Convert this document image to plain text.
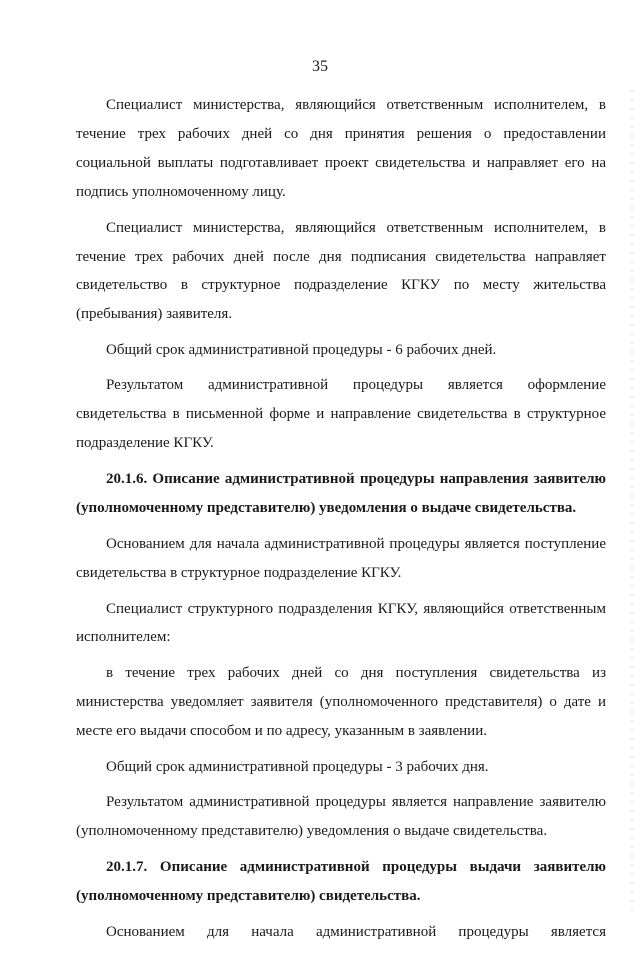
35

Специалист министерства, являющийся ответственным исполнителем, в течение трех рабочих дней со дня принятия решения о предоставлении социальной выплаты подготавливает проект свидетельства и направляет его на подпись уполномоченному лицу.

Специалист министерства, являющийся ответственным исполнителем, в течение трех рабочих дней после дня подписания свидетельства направляет свидетельство в структурное подразделение КГКУ по месту жительства (пребывания) заявителя.

Общий срок административной процедуры - 6 рабочих дней.

Результатом административной процедуры является оформление свидетельства в письменной форме и направление свидетельства в структурное подразделение КГКУ.

20.1.6. Описание административной процедуры направления заявителю (уполномоченному представителю) уведомления о выдаче свидетельства.

Основанием для начала административной процедуры является поступление свидетельства в структурное подразделение КГКУ.

Специалист структурного подразделения КГКУ, являющийся ответственным исполнителем:

в течение трех рабочих дней со дня поступления свидетельства из министерства уведомляет заявителя (уполномоченного представителя) о дате и месте его выдачи способом и по адресу, указанным в заявлении.

Общий срок административной процедуры - 3 рабочих дня.

Результатом административной процедуры является направление заявителю (уполномоченному представителю) уведомления о выдаче свидетельства.

20.1.7. Описание административной процедуры выдачи заявителю (уполномоченному представителю) свидетельства.

Основанием для начала административной процедуры является
